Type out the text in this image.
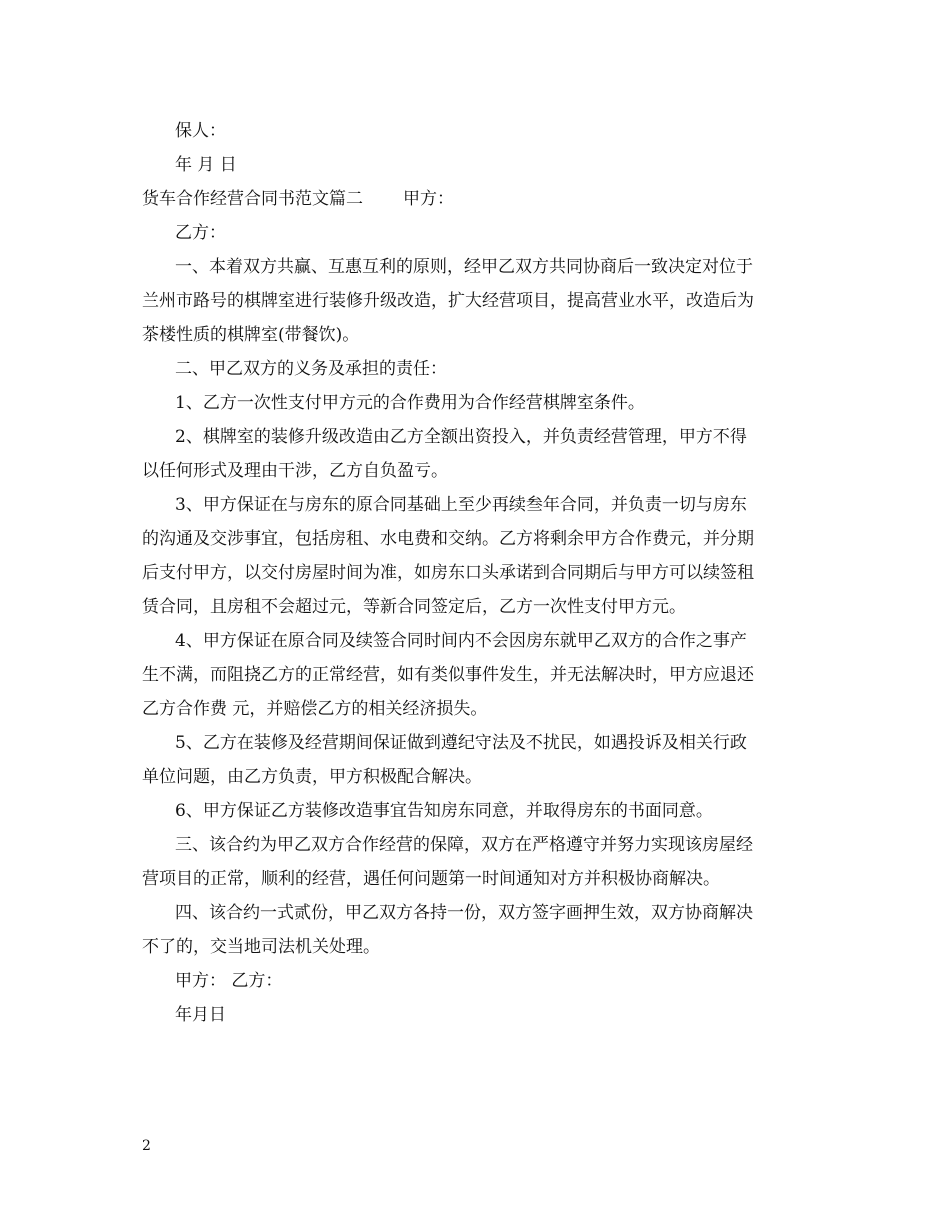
保人：
年 月 日
货车合作经营合同书范文篇二 甲方：
乙方：
一、本着双方共赢、互惠互利的原则，经甲乙双方共同协商后一致决定对位于
兰州市路号的棋牌室进行装修升级改造，扩大经营项目，提高营业水平，改造后为
茶楼性质的棋牌室(带餐饮)。
二、甲乙双方的义务及承担的责任：
1、乙方一次性支付甲方元的合作费用为合作经营棋牌室条件。
2、棋牌室的装修升级改造由乙方全额出资投入，并负责经营管理，甲方不得
以任何形式及理由干涉，乙方自负盈亏。
3、甲方保证在与房东的原合同基础上至少再续叁年合同，并负责一切与房东
的沟通及交涉事宜，包括房租、水电费和交纳。乙方将剩余甲方合作费元，并分期
后支付甲方，以交付房屋时间为准，如房东口头承诺到合同期后与甲方可以续签租
赁合同，且房租不会超过元，等新合同签定后，乙方一次性支付甲方元。
4、甲方保证在原合同及续签合同时间内不会因房东就甲乙双方的合作之事产
生不满，而阻挠乙方的正常经营，如有类似事件发生，并无法解决时，甲方应退还
乙方合作费 元，并赔偿乙方的相关经济损失。
5、乙方在装修及经营期间保证做到遵纪守法及不扰民，如遇投诉及相关行政
单位问题，由乙方负责，甲方积极配合解决。
6、甲方保证乙方装修改造事宜告知房东同意，并取得房东的书面同意。
三、该合约为甲乙双方合作经营的保障，双方在严格遵守并努力实现该房屋经
营项目的正常，顺利的经营，遇任何问题第一时间通知对方并积极协商解决。
四、该合约一式贰份，甲乙双方各持一份，双方签字画押生效，双方协商解决
不了的，交当地司法机关处理。
甲方： 乙方：
年月日
2
